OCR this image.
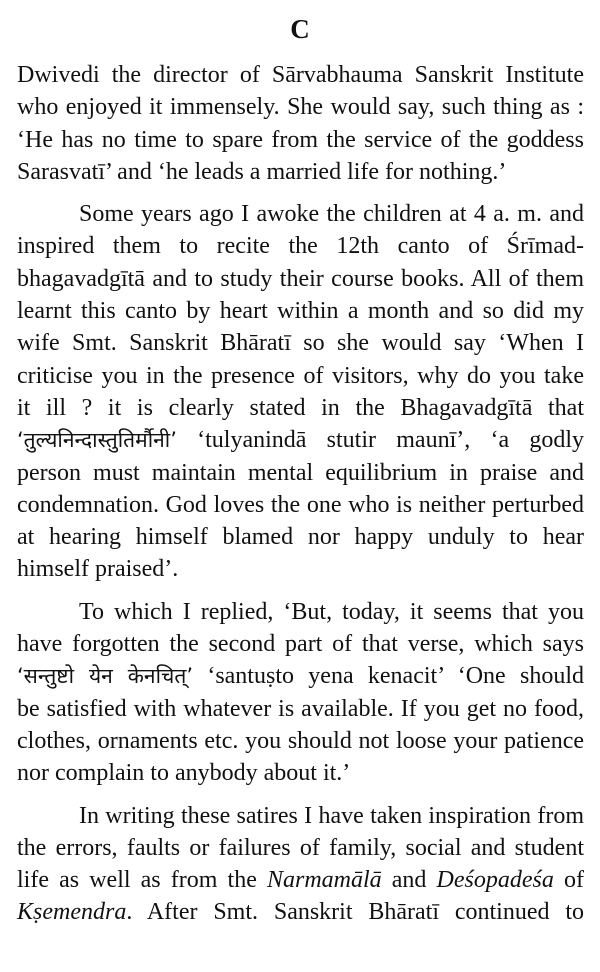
C
Dwivedi the director of Sārvabhauma Sanskrit Institute
who enjoyed it immensely. She would say, such thing as :
‘He has no time to spare from the service of the goddess
Sarasvatī’ and ‘he leads a married life for nothing.’
Some years ago I awoke the children at 4 a. m. and
inspired them to recite the 12th canto of Śrīmad-
bhagavadgītā and to study their course books. All of them
learnt this canto by heart within a month and so did my
wife Smt. Sanskrit Bhāratī so she would say ‘When I
criticise you in the presence of visitors, why do you take
it ill ? it is clearly stated in the Bhagavadgītā that
‘तुल्यनिन्दास्तुतिर्मौनी’ ‘tulyanindā stutir maunī’, ‘a godly
person must maintain mental equilibrium in praise and
condemnation. God loves the one who is neither perturbed
at hearing himself blamed nor happy unduly to hear
himself praised’.
To which I replied, ‘But, today, it seems that you
have forgotten the second part of that verse, which says
‘सन्तुष्टो येन केनचित्’ ‘santuṣto yena kenacit’ ‘One should
be satisfied with whatever is available. If you get no food,
clothes, ornaments etc. you should not loose your patience
nor complain to anybody about it.’
In writing these satires I have taken inspiration from
the errors, faults or failures of family, social and student
life as well as from the Narmamālā and Deśopadeśa of
Kṣemendra. After Smt. Sanskrit Bhāratī continued to
